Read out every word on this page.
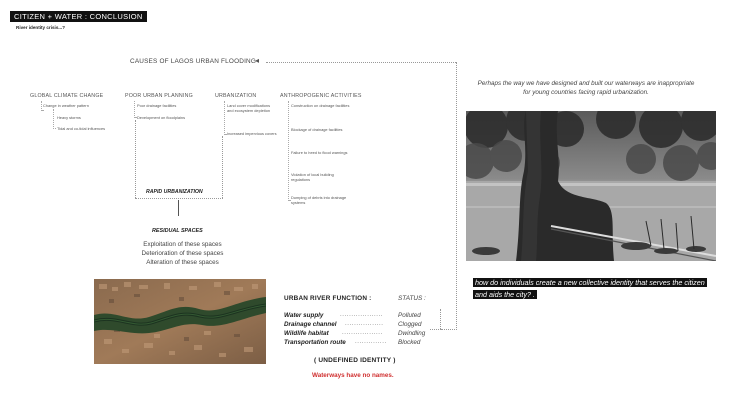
CITIZEN + WATER : CONCLUSION
River identity crisis...?
CAUSES OF LAGOS URBAN FLOODING
◂
GLOBAL CLIMATE CHANGE	POOR URBAN PLANNING	URBANIZATION	ANTHROPOGENIC ACTIVITIES
Change in weather pattern
Heavy storms
Tidal and co-tidal influences
Poor drainage facilities
Development on floodplains
Land cover modifications and ecosystem depletion
Increased impervious covers
Construction on drainage facilities
Blockage of drainage facilities
Failure to heed to flood warnings
Violation of local building regulations
Dumping of debris into drainage systems
RAPID URBANIZATION
RESIDUAL SPACES
Exploitation of these spaces
Deterioration of these spaces
Alteration of these spaces
URBAN RIVER FUNCTION :	STATUS :
Water supply	................... Polluted
Drainage channel ................. Clogged
Wildlife habitat .................. Dwindling
Transportation route .............. Blocked
( UNDEFINED IDENTITY )
Waterways have no names.
Perhaps the way we have designed and built our waterways are inappropriate for young countries facing rapid urbanization.
how do individuals create a new collective identity that serves the citizen and aids the city? .
